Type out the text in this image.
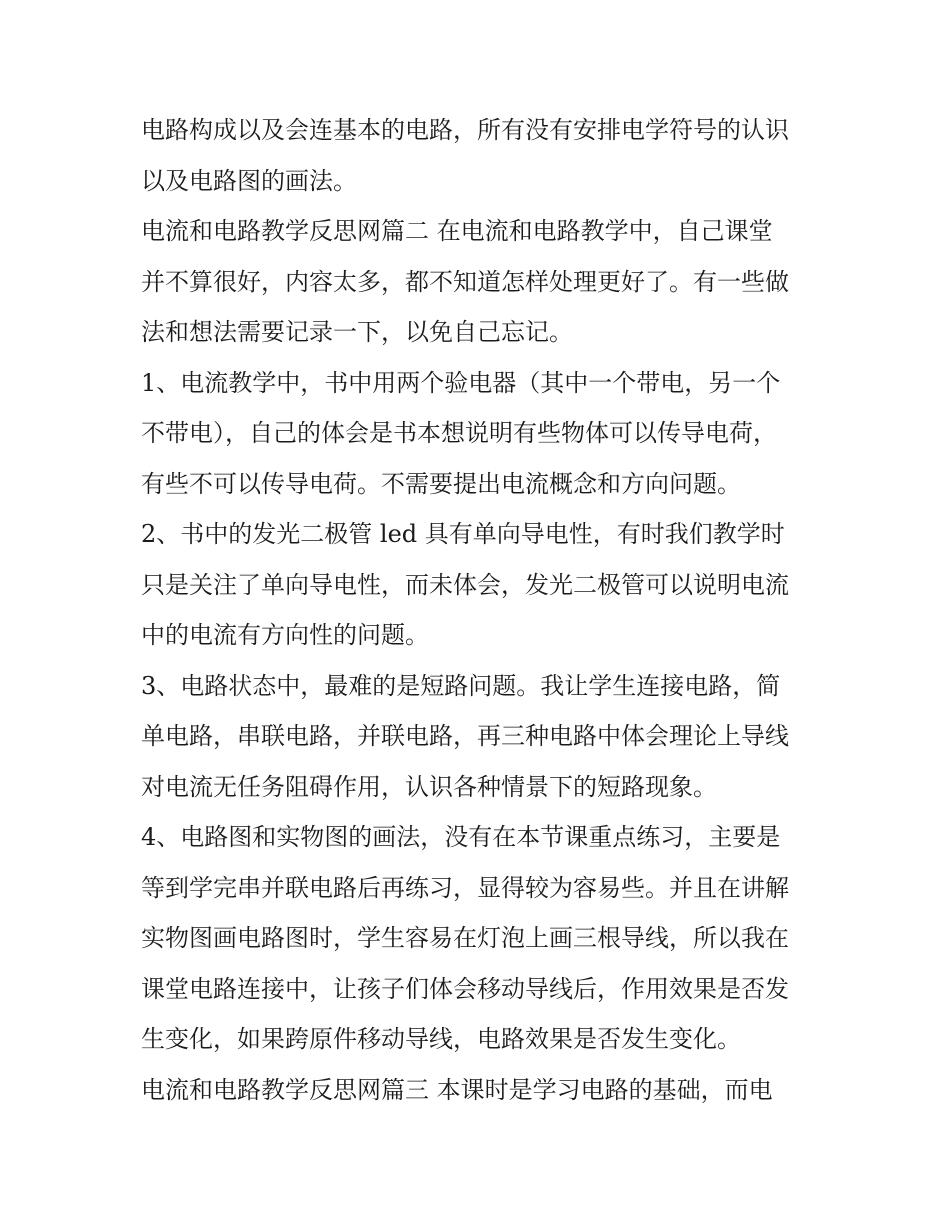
电路构成以及会连基本的电路，所有没有安排电学符号的认识
以及电路图的画法。
电流和电路教学反思网篇二 在电流和电路教学中，自己课堂
并不算很好，内容太多，都不知道怎样处理更好了。有一些做
法和想法需要记录一下，以免自己忘记。
1、电流教学中，书中用两个验电器（其中一个带电，另一个
不带电），自己的体会是书本想说明有些物体可以传导电荷，
有些不可以传导电荷。不需要提出电流概念和方向问题。
2、书中的发光二极管 led 具有单向导电性，有时我们教学时
只是关注了单向导电性，而未体会，发光二极管可以说明电流
中的电流有方向性的问题。
3、电路状态中，最难的是短路问题。我让学生连接电路，简
单电路，串联电路，并联电路，再三种电路中体会理论上导线
对电流无任务阻碍作用，认识各种情景下的短路现象。
4、电路图和实物图的画法，没有在本节课重点练习，主要是
等到学完串并联电路后再练习，显得较为容易些。并且在讲解
实物图画电路图时，学生容易在灯泡上画三根导线，所以我在
课堂电路连接中，让孩子们体会移动导线后，作用效果是否发
生变化，如果跨原件移动导线，电路效果是否发生变化。
电流和电路教学反思网篇三 本课时是学习电路的基础，而电
